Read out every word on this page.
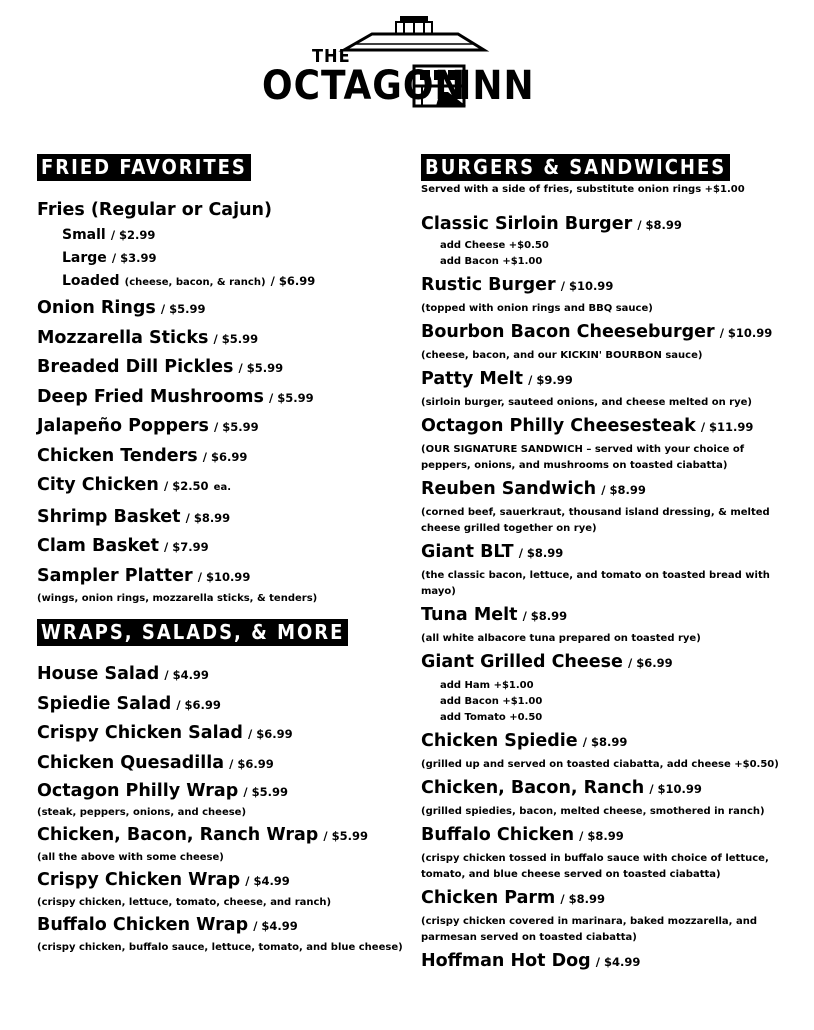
THE
OCTAGON
INN
FRIED FAVORITES
Fries (Regular or Cajun)
Small / $2.99
Large / $3.99
Loaded (cheese, bacon, & ranch) / $6.99
Onion Rings / $5.99
Mozzarella Sticks / $5.99
Breaded Dill Pickles / $5.99
Deep Fried Mushrooms / $5.99
Jalapeño Poppers / $5.99
Chicken Tenders / $6.99
City Chicken / $2.50 ea.
Shrimp Basket / $8.99
Clam Basket / $7.99
Sampler Platter / $10.99
(wings, onion rings, mozzarella sticks, & tenders)
WRAPS, SALADS, & MORE
House Salad / $4.99
Spiedie Salad / $6.99
Crispy Chicken Salad / $6.99
Chicken Quesadilla / $6.99
Octagon Philly Wrap / $5.99
(steak, peppers, onions, and cheese)
Chicken, Bacon, Ranch Wrap / $5.99
(all the above with some cheese)
Crispy Chicken Wrap / $4.99
(crispy chicken, lettuce, tomato, cheese, and ranch)
Buffalo Chicken Wrap / $4.99
(crispy chicken, buffalo sauce, lettuce, tomato, and blue cheese)
BURGERS & SANDWICHES
Served with a side of fries, substitute onion rings +$1.00
Classic Sirloin Burger / $8.99
add Cheese +$0.50
add Bacon +$1.00
Rustic Burger / $10.99
(topped with onion rings and BBQ sauce)
Bourbon Bacon Cheeseburger / $10.99
(cheese, bacon, and our KICKIN' BOURBON sauce)
Patty Melt / $9.99
(sirloin burger, sauteed onions, and cheese melted on rye)
Octagon Philly Cheesesteak / $11.99
(OUR SIGNATURE SANDWICH – served with your choice of
peppers, onions, and mushrooms on toasted ciabatta)
Reuben Sandwich / $8.99
(corned beef, sauerkraut, thousand island dressing, & melted
cheese grilled together on rye)
Giant BLT / $8.99
(the classic bacon, lettuce, and tomato on toasted bread with mayo)
Tuna Melt / $8.99
(all white albacore tuna prepared on toasted rye)
Giant Grilled Cheese / $6.99
add Ham +$1.00
add Bacon +$1.00
add Tomato +0.50
Chicken Spiedie / $8.99
(grilled up and served on toasted ciabatta, add cheese +$0.50)
Chicken, Bacon, Ranch / $10.99
(grilled spiedies, bacon, melted cheese, smothered in ranch)
Buffalo Chicken / $8.99
(crispy chicken tossed in buffalo sauce with choice of lettuce,
tomato, and blue cheese served on toasted ciabatta)
Chicken Parm / $8.99
(crispy chicken covered in marinara, baked mozzarella, and
parmesan served on toasted ciabatta)
Hoffman Hot Dog / $4.99
